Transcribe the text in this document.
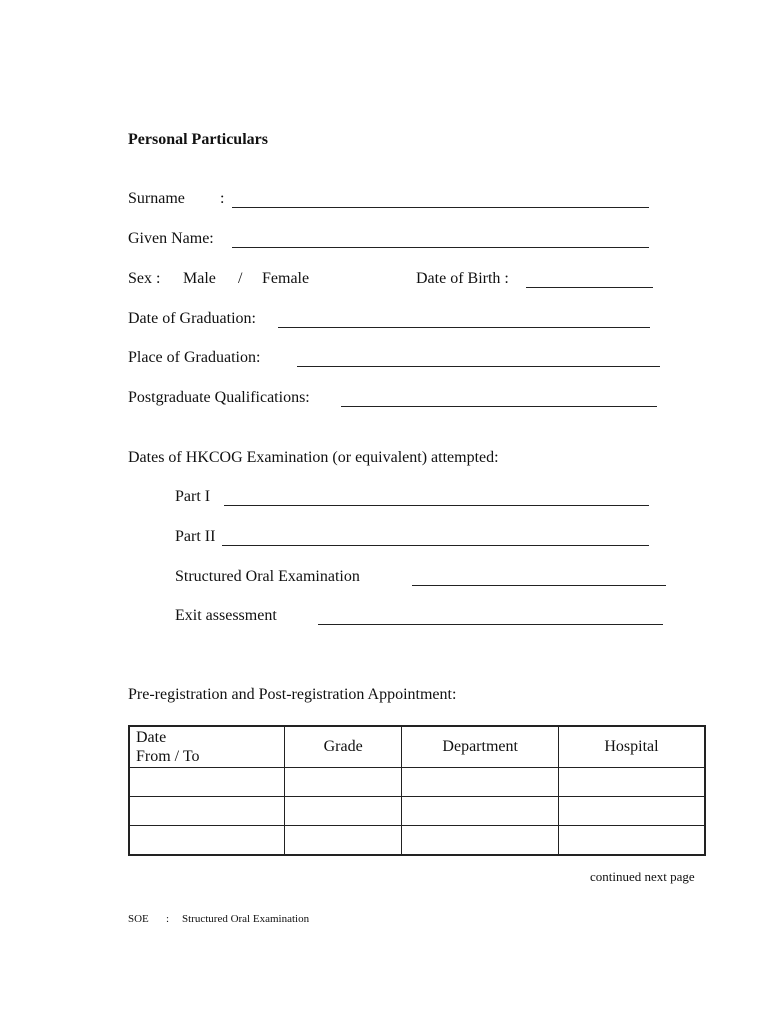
Personal Particulars
Surname :
Given Name:
Sex : Male / Female	Date of Birth :
Date of Graduation:
Place of Graduation:
Postgraduate Qualifications:
Dates of HKCOG Examination (or equivalent) attempted:
Part I
Part II
Structured Oral Examination
Exit assessment
Pre-registration and Post-registration Appointment:
Date
From / To	Grade	Department	Hospital

continued next page
SOE : Structured Oral Examination
